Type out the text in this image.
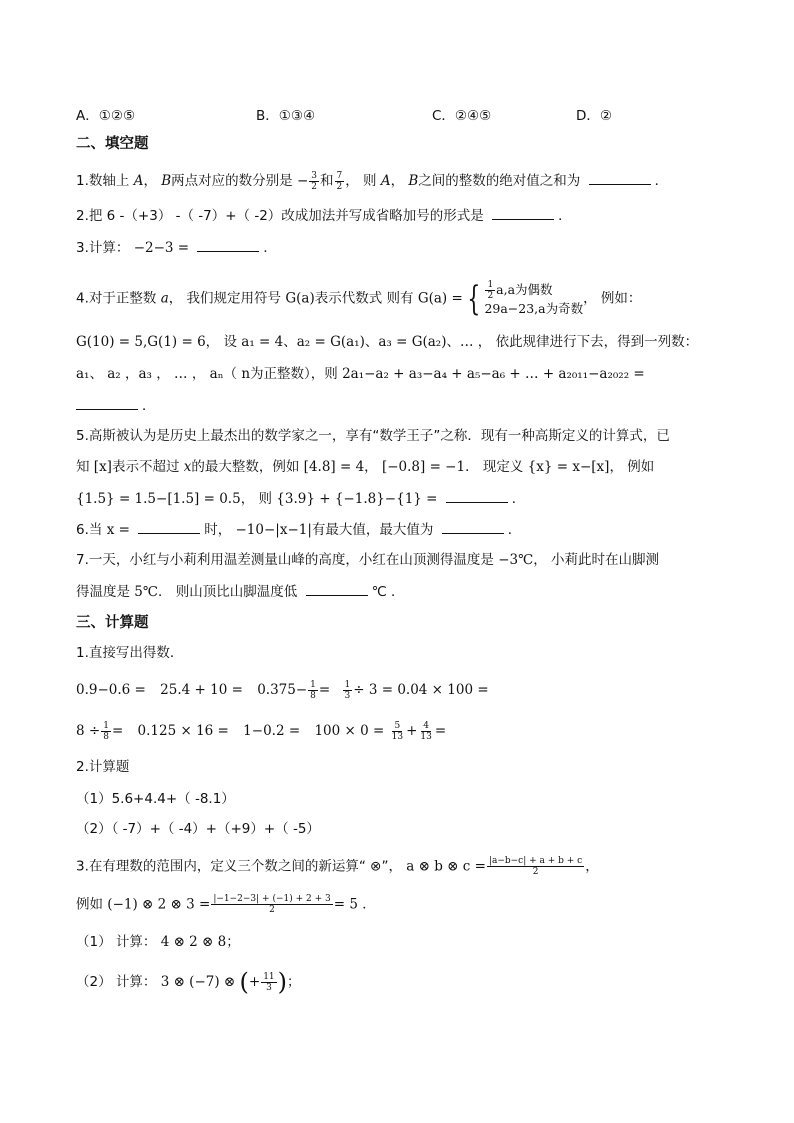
A．①②⑤	B．①③④	C．②④⑤	D．②
二、填空题
1.数轴上 A， B两点对应的数分别是 − $\frac{3}{2}$ 和 $\frac{7}{2}$ ， 则 A， B之间的整数的绝对值之和为	．
2.把 6 -（+3） -（ -7）+（ -2）改成加法并写成省略加号的形式是	．
3.计算： −2−3 =	．
4.对于正整数 a， 我们规定用符号 G(a)表示代数式 则有 G(a) = { $\frac{1}{2} a,a$为偶数
29a−23,a为奇数
， 例如：
G(10) = 5,G(1) = 6， 设 a₁ = 4、a₂ = G(a₁)、a₃ = G(a₂)、… ， 依此规律进行下去，得到一列数：
a₁、 a₂ ，a₃ ， … ， aₙ（ n为正整数），则 2a₁−a₂ + a₃−a₄ + a₅−a₆ + … + a₂₀₁₁−a₂₀₂₂ =
．
5.高斯被认为是历史上最杰出的数学家之一，享有“数学王子”之称．现有一种高斯定义的计算式，已
知 [x]表示不超过 x的最大整数，例如 [4.8] = 4， [−0.8] = −1． 现定义 {x} = x−[x]， 例如
{1.5} = 1.5−[1.5] = 0.5， 则 {3.9} + {−1.8}−{1} =	．
6.当 x =	时， −10−|x−1|有最大值，最大值为	．
7.一天，小红与小莉利用温差测量山峰的高度，小红在山顶测得温度是 −3℃， 小莉此时在山脚测
得温度是 5℃． 则山顶比山脚温度低	℃ ．
三、计算题
1.直接写出得数．
$0.9-0.6 = 25.4 + 10 = 0.375- \frac{1}{8} = \frac{1}{3} \div 3 = 0.04 \times 100$ =
$8 \div \frac{1}{8} = 0.125 \times 16 = 1-0.2 = 100 \times 0 = \frac{5}{13} + \frac{4}{13}$ =
2.计算题
（1）5.6+4.4+（ -8.1）
（2）（ -7）+（ -4）+（+9）+（ -5）
3.在有理数的范围内，定义三个数之间的新运算“ ⊗”， a ⊗ b ⊗ $c = \frac{|a-b-c| + a + b + c}{2}$ ，
例如 (−1) ⊗ 2 ⊗ $3 = \frac{|-1-2-3| + (-1) + 2 + 3}{2} = 5$ ．
（1） 计算： 4 ⊗ 2 ⊗ 8；
（2） 计算： 3 ⊗ (−7) ⊗ (+ $\frac{11}{3}$ )；
